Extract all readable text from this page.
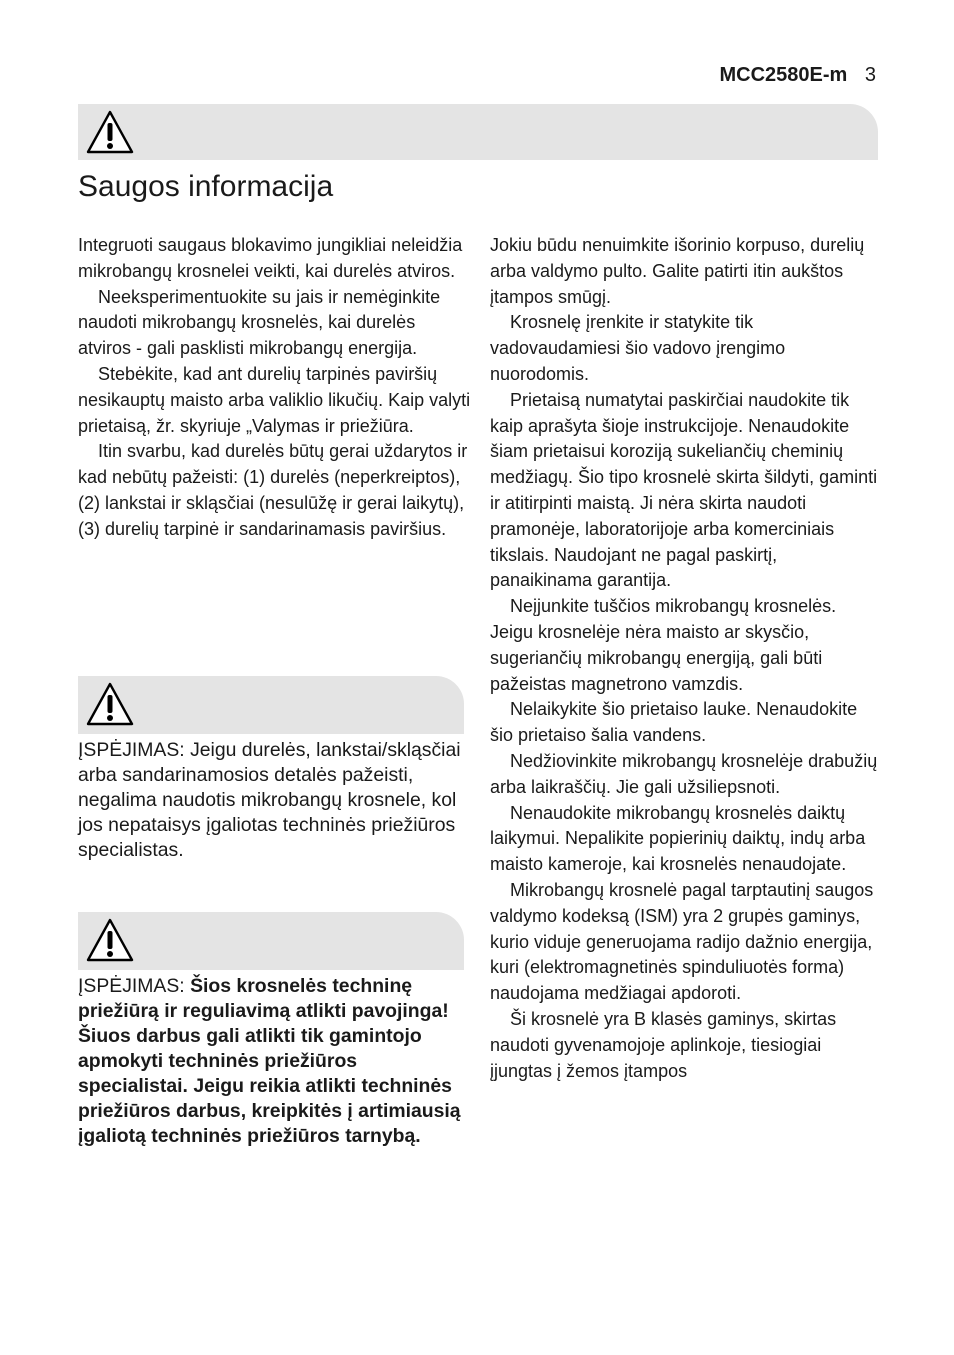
MCC2580E-m 3
Saugos informacija

Integruoti saugaus blokavimo jungikliai neleidžia mikrobangų krosnelei veikti, kai durelės atviros.

Neeksperimentuokite su jais ir nemėginkite naudoti mikrobangų krosnelės, kai durelės atviros - gali pasklisti mikrobangų energija.

Stebėkite, kad ant durelių tarpinės paviršių nesikauptų maisto arba valiklio likučių. Kaip valyti prietaisą, žr. skyriuje „Valymas ir priežiūra.

Itin svarbu, kad durelės būtų gerai uždarytos ir kad nebūtų pažeisti: (1) durelės (neperkreiptos), (2) lankstai ir skląsčiai (nesulūžę ir gerai laikytų), (3) durelių tarpinė ir sandarinamasis paviršius.

ĮSPĖJIMAS: Jeigu durelės, lankstai/skląsčiai arba sandarinamosios detalės pažeisti, negalima naudotis mikrobangų krosnele, kol jos nepataisys įgaliotas techninės priežiūros specialistas.
ĮSPĖJIMAS: Šios krosnelės techninę priežiūrą ir reguliavimą atlikti pavojinga! Šiuos darbus gali atlikti tik gamintojo apmokyti techninės priežiūros specialistai. Jeigu reikia atlikti techninės priežiūros darbus, kreipkitės į artimiausią įgaliotą techninės priežiūros tarnybą.

Jokiu būdu nenuimkite išorinio korpuso, durelių arba valdymo pulto. Galite patirti itin aukštos įtampos smūgį.

Krosnelę įrenkite ir statykite tik vadovaudamiesi šio vadovo įrengimo nuorodomis.

Prietaisą numatytai paskirčiai naudokite tik kaip aprašyta šioje instrukcijoje. Nenaudokite šiam prietaisui koroziją sukeliančių cheminių medžiagų. Šio tipo krosnelė skirta šildyti, gaminti ir atitirpinti maistą. Ji nėra skirta naudoti pramonėje, laboratorijoje arba komerciniais tikslais. Naudojant ne pagal paskirtį, panaikinama garantija.

Neįjunkite tuščios mikrobangų krosnelės. Jeigu krosnelėje nėra maisto ar skysčio, sugeriančių mikrobangų energiją, gali būti pažeistas magnetrono vamzdis.

Nelaikykite šio prietaiso lauke. Nenaudokite šio prietaiso šalia vandens.

Nedžiovinkite mikrobangų krosnelėje drabužių arba laikraščių. Jie gali užsiliepsnoti.

Nenaudokite mikrobangų krosnelės daiktų laikymui. Nepalikite popierinių daiktų, indų arba maisto kameroje, kai krosnelės nenaudojate.

Mikrobangų krosnelė pagal tarptautinį saugos valdymo kodeksą (ISM) yra 2 grupės gaminys, kurio viduje generuojama radijo dažnio energija, kuri (elektromagnetinės spinduliuotės forma) naudojama medžiagai apdoroti.

Ši krosnelė yra B klasės gaminys, skirtas naudoti gyvenamojoje aplinkoje, tiesiogiai įjungtas į žemos įtampos
